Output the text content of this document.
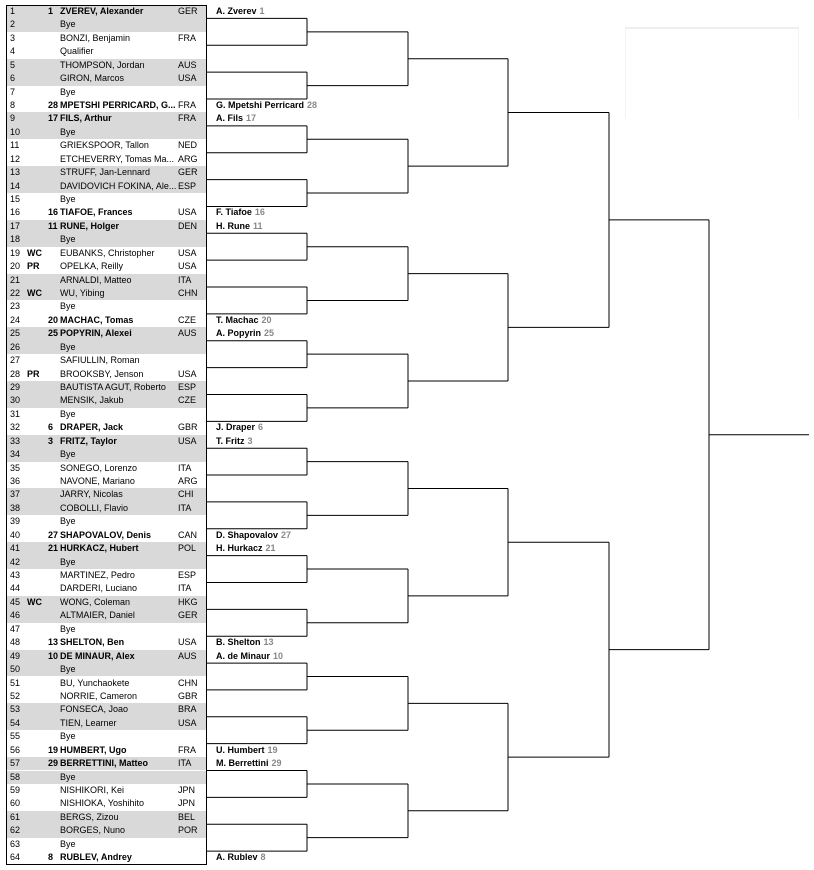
1	1 ZVEREV, Alexander	GER
2	Bye
3	BONZI, Benjamin	FRA
4	Qualifier
5	THOMPSON, Jordan	AUS
6	GIRON, Marcos	USA
7	Bye
8	28 MPETSHI PERRICARD, G... FRA
9	17 FILS, Arthur	FRA
10	Bye
11	GRIEKSPOOR, Tallon	NED
12	ETCHEVERRY, Tomas Ma... ARG
13	STRUFF, Jan-Lennard	GER
14	DAVIDOVICH FOKINA, Ale... ESP
15	Bye
16	16 TIAFOE, Frances	USA
17	11 RUNE, Holger	DEN
18	Bye
19 WC EUBANKS, Christopher	USA
20 PR OPELKA, Reilly	USA
21	ARNALDI, Matteo	ITA
22 WC WU, Yibing	CHN
23	Bye
24	20 MACHAC, Tomas	CZE
25	25 POPYRIN, Alexei	AUS
26	Bye
27	SAFIULLIN, Roman
28 PR BROOKSBY, Jenson	USA
29	BAUTISTA AGUT, Roberto	ESP
30	MENSIK, Jakub	CZE
31	Bye
32	6 DRAPER, Jack	GBR
33	3 FRITZ, Taylor	USA
34	Bye
35	SONEGO, Lorenzo	ITA
36	NAVONE, Mariano	ARG
37	JARRY, Nicolas	CHI
38	COBOLLI, Flavio	ITA
39	Bye
40	27 SHAPOVALOV, Denis	CAN
41	21 HURKACZ, Hubert	POL
42	Bye
43	MARTINEZ, Pedro	ESP
44	DARDERI, Luciano	ITA
45 WC WONG, Coleman	HKG
46	ALTMAIER, Daniel	GER
47	Bye
48	13 SHELTON, Ben	USA
49	10 DE MINAUR, Alex	AUS
50	Bye
51	BU, Yunchaokete	CHN
52	NORRIE, Cameron	GBR
53	FONSECA, Joao	BRA
54	TIEN, Learner	USA
55	Bye
56	19 HUMBERT, Ugo	FRA
57	29 BERRETTINI, Matteo	ITA
58	Bye
59	NISHIKORI, Kei	JPN
60	NISHIOKA, Yoshihito	JPN
61	BERGS, Zizou	BEL
62	BORGES, Nuno	POR
63	Bye
64	8 RUBLEV, Andrey
A. Zverev 1
G. Mpetshi Perricard 28
A. Fils 17
F. Tiafoe 16
H. Rune 11
T. Machac 20
A. Popyrin 25
J. Draper 6
T. Fritz 3
D. Shapovalov 27
H. Hurkacz 21
B. Shelton 13
A. de Minaur 10
U. Humbert 19
M. Berrettini 29
A. Rublev 8
